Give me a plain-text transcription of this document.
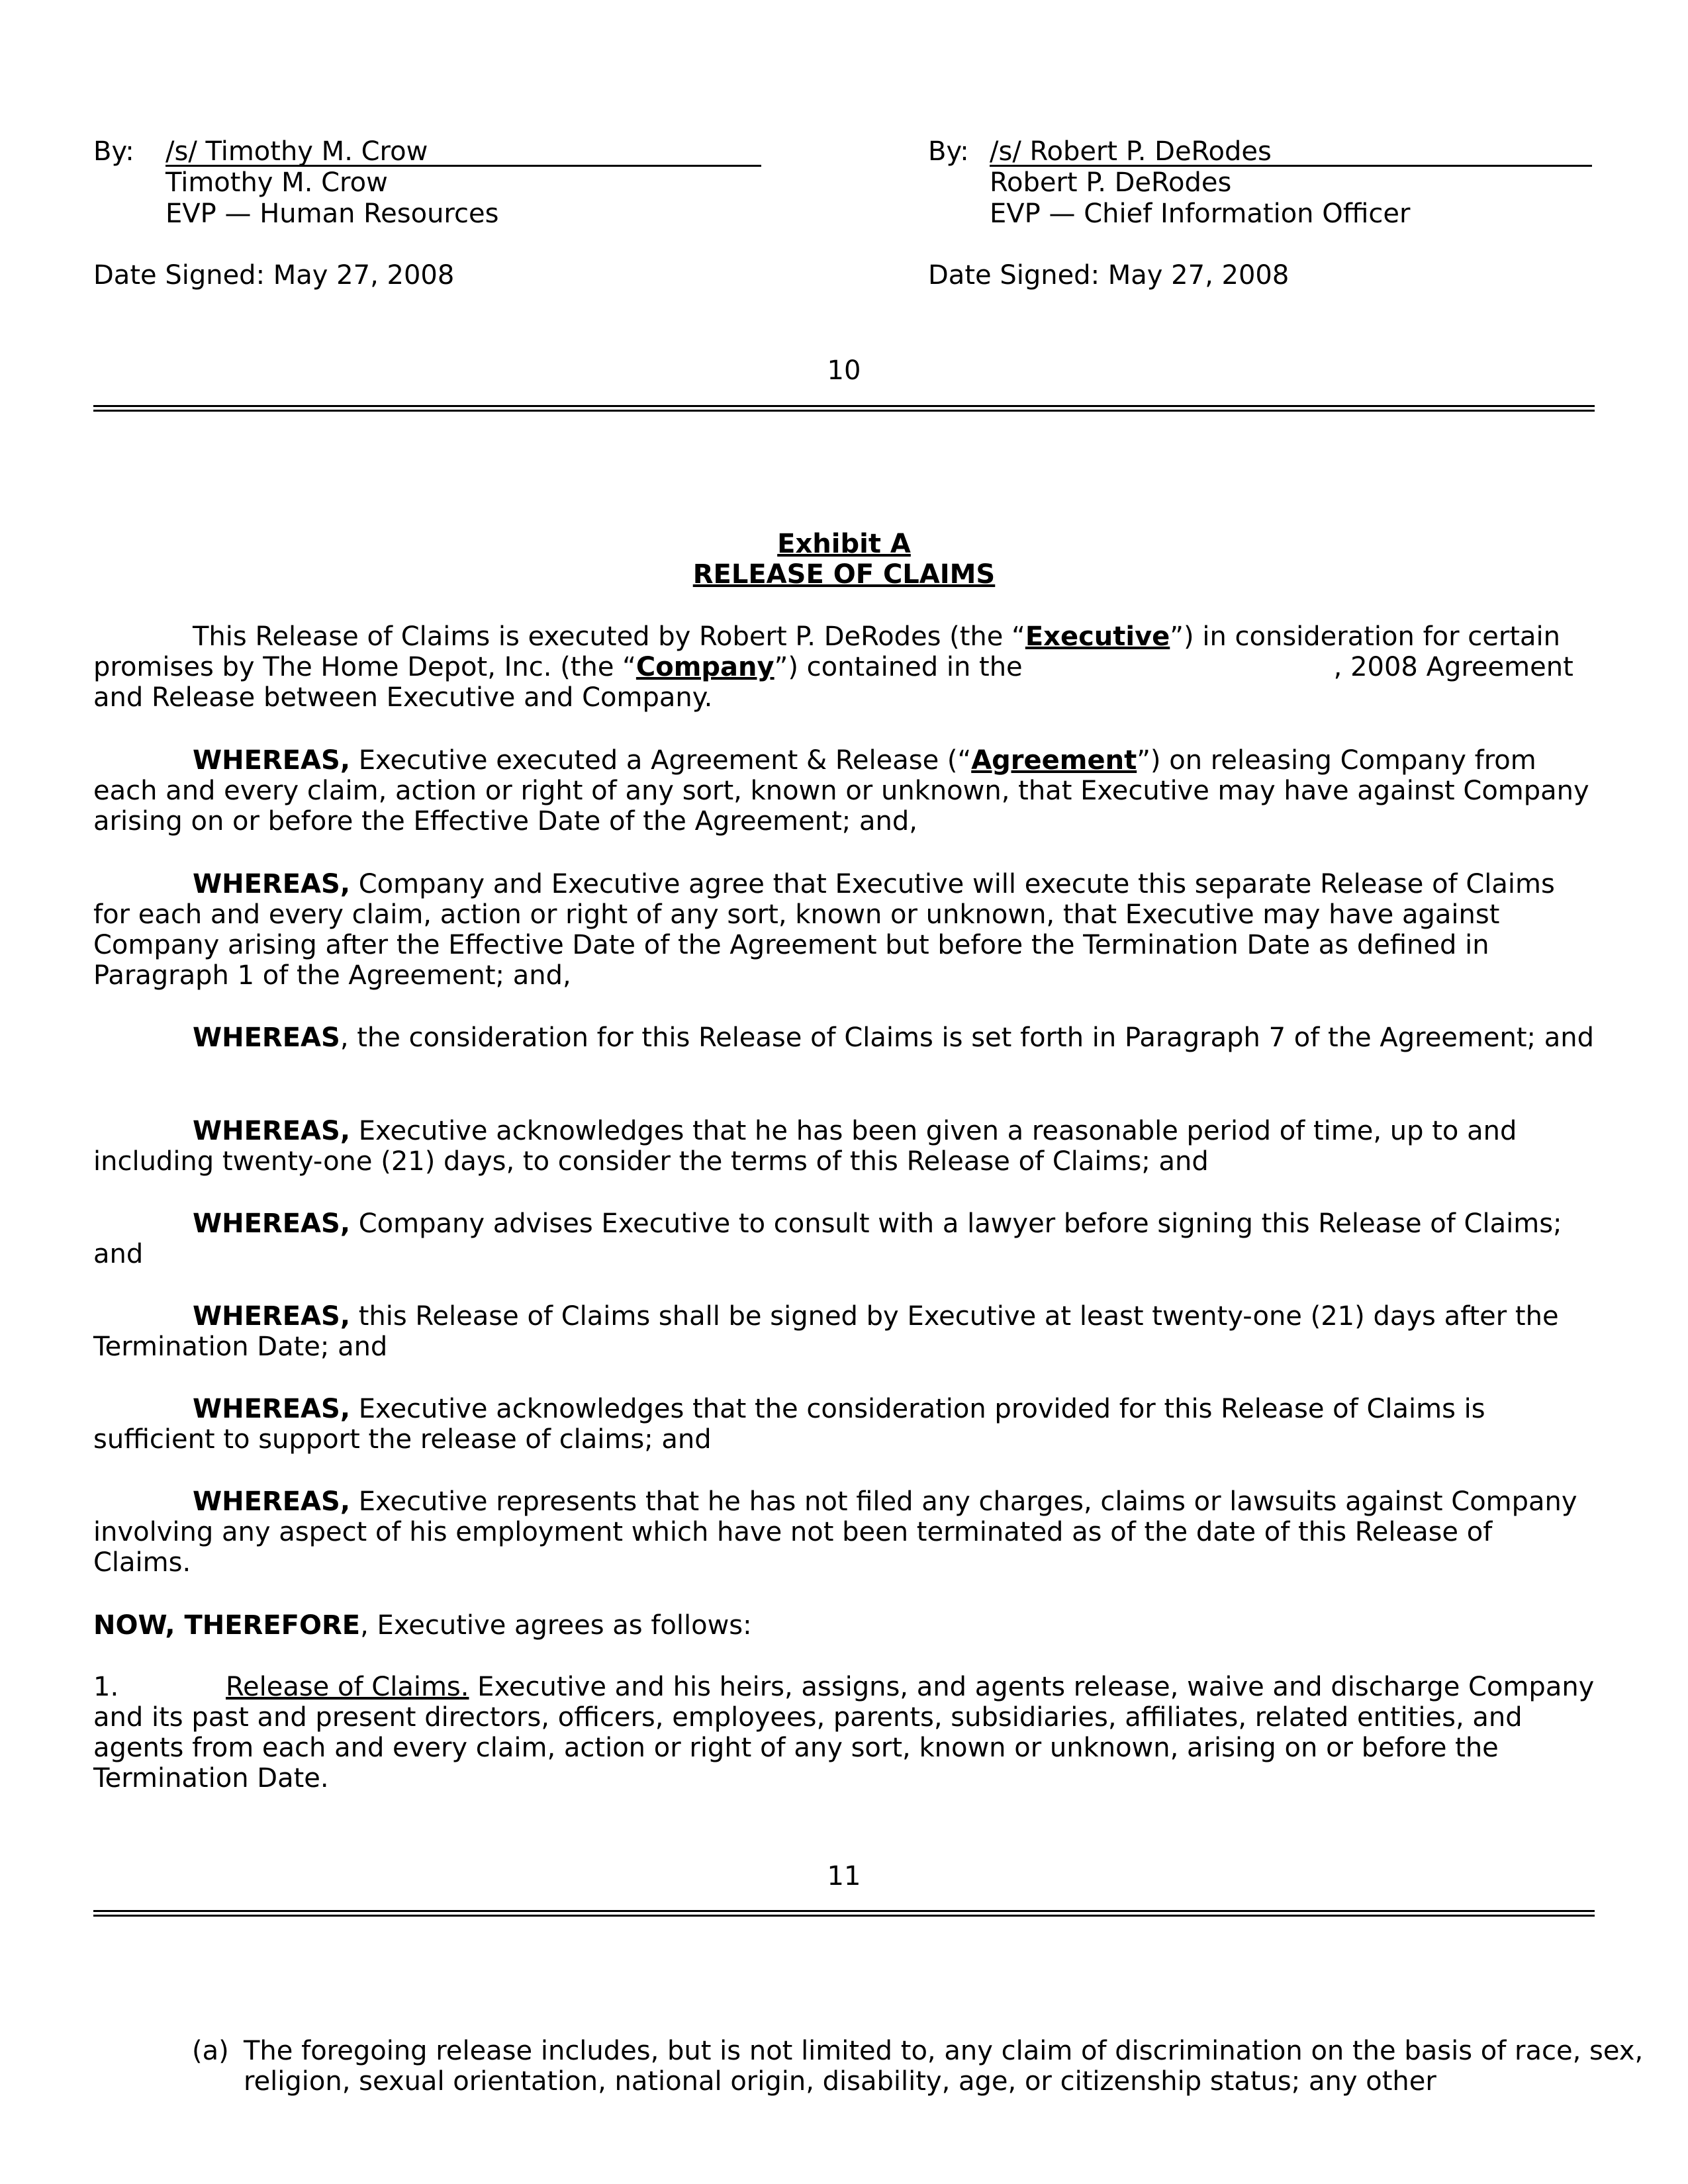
By: /s/ Timothy M. Crow
Timothy M. Crow
EVP — Human Resources
Date Signed: May 27, 2008
By: /s/ Robert P. DeRodes
Robert P. DeRodes
EVP — Chief Information Officer
Date Signed: May 27, 2008
10
Exhibit A
RELEASE OF CLAIMS
This Release of Claims is executed by Robert P. DeRodes (the “Executive”) in consideration for certain promises by The Home Depot, Inc. (the “Company”) contained in the	, 2008 Agreement and Release between Executive and Company.
WHEREAS, Executive executed a Agreement & Release (“Agreement”) on releasing Company from each and every claim, action or right of any sort, known or unknown, that Executive may have against Company arising on or before the Effective Date of the Agreement; and,
WHEREAS, Company and Executive agree that Executive will execute this separate Release of Claims for each and every claim, action or right of any sort, known or unknown, that Executive may have against Company arising after the Effective Date of the Agreement but before the Termination Date as defined in Paragraph 1 of the Agreement; and,
WHEREAS, the consideration for this Release of Claims is set forth in Paragraph 7 of the Agreement; and
WHEREAS, Executive acknowledges that he has been given a reasonable period of time, up to and including twenty-one (21) days, to consider the terms of this Release of Claims; and
WHEREAS, Company advises Executive to consult with a lawyer before signing this Release of Claims; and
WHEREAS, this Release of Claims shall be signed by Executive at least twenty-one (21) days after the Termination Date; and
WHEREAS, Executive acknowledges that the consideration provided for this Release of Claims is sufficient to support the release of claims; and
WHEREAS, Executive represents that he has not filed any charges, claims or lawsuits against Company involving any aspect of his employment which have not been terminated as of the date of this Release of Claims.
NOW, THEREFORE, Executive agrees as follows:
1.	Release of Claims. Executive and his heirs, assigns, and agents release, waive and discharge Company and its past and present directors, officers, employees, parents, subsidiaries, affiliates, related entities, and agents from each and every claim, action or right of any sort, known or unknown, arising on or before the Termination Date.
11
(a) The foregoing release includes, but is not limited to, any claim of discrimination on the basis of race, sex, religion, sexual orientation, national origin, disability, age, or citizenship status; any other
